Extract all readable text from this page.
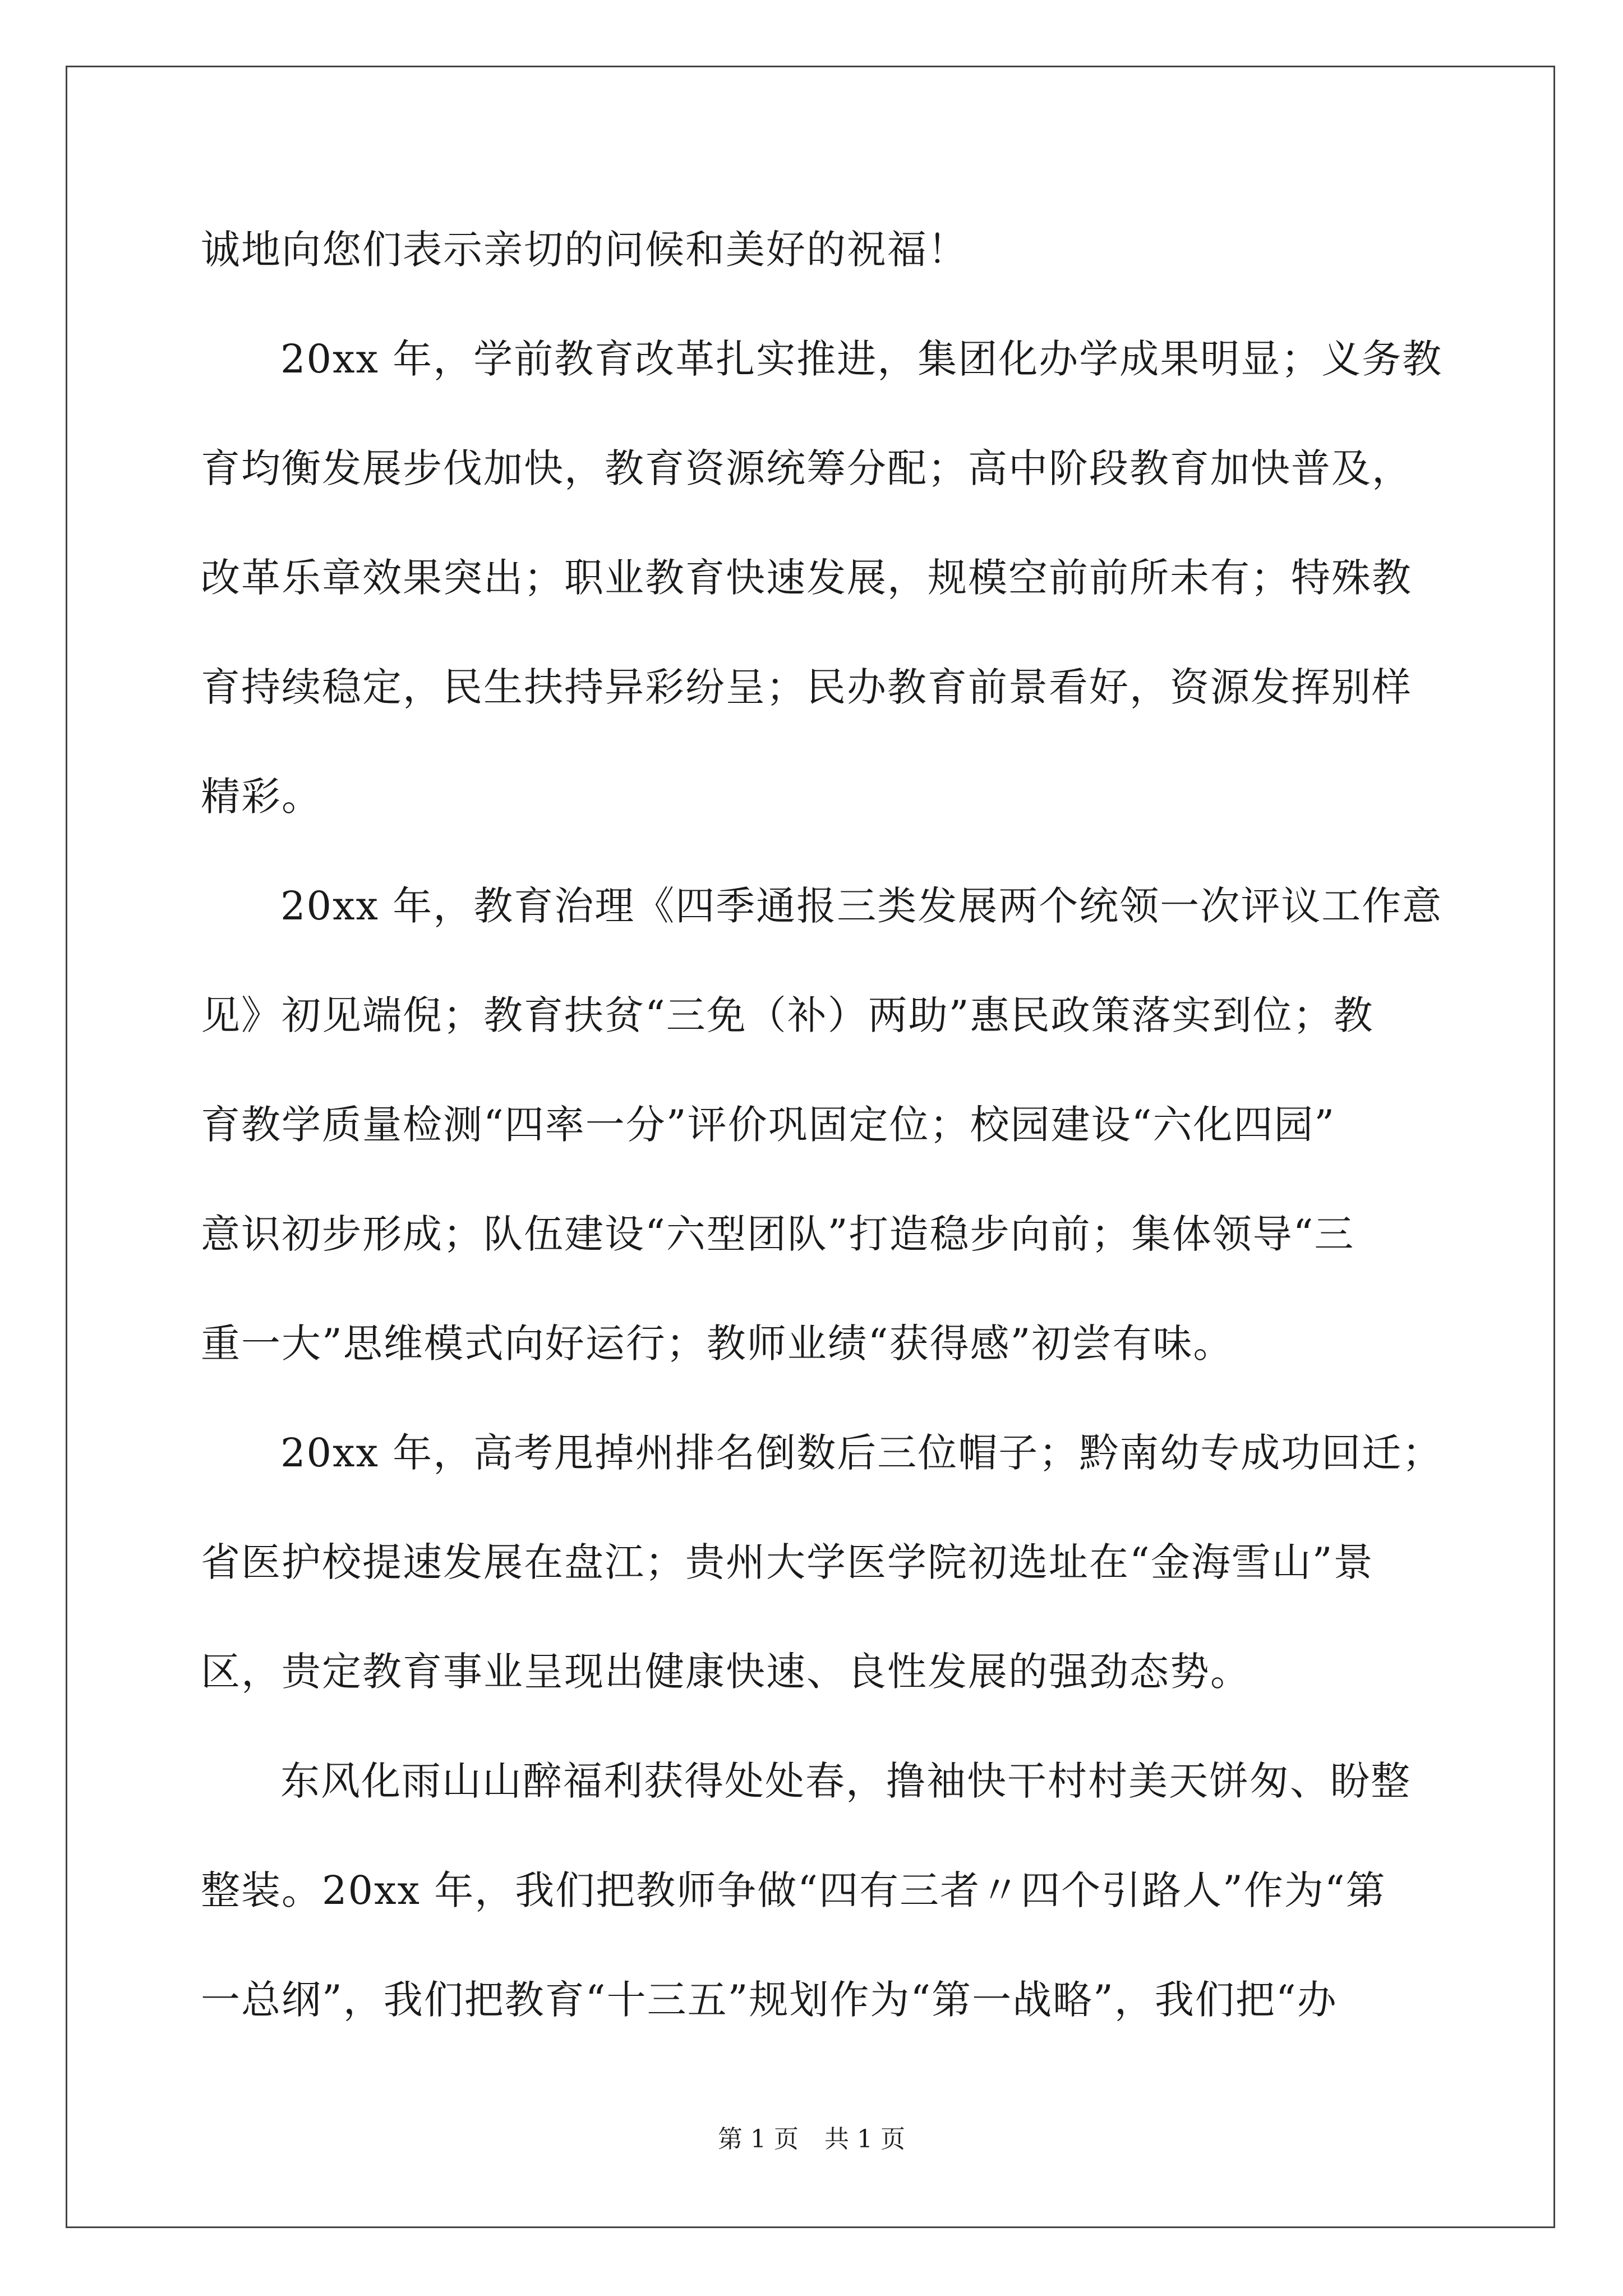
诚地向您们表示亲切的问候和美好的祝福！
20xx 年，学前教育改革扎实推进，集团化办学成果明显；义务教
育均衡发展步伐加快，教育资源统筹分配；高中阶段教育加快普及，
改革乐章效果突出；职业教育快速发展，规模空前前所未有；特殊教
育持续稳定，民生扶持异彩纷呈；民办教育前景看好，资源发挥别样
精彩。
20xx 年，教育治理《四季通报三类发展两个统领一次评议工作意
见》初见端倪；教育扶贫“三免（补）两助”惠民政策落实到位；教
育教学质量检测“四率一分”评价巩固定位；校园建设“六化四园”
意识初步形成；队伍建设“六型团队”打造稳步向前；集体领导“三
重一大”思维模式向好运行；教师业绩“获得感”初尝有味。
20xx 年，高考甩掉州排名倒数后三位帽子；黔南幼专成功回迁；
省医护校提速发展在盘江；贵州大学医学院初选址在“金海雪山”景
区，贵定教育事业呈现出健康快速、良性发展的强劲态势。
东风化雨山山醉福利获得处处春，撸袖快干村村美天饼匆、盼整
整装。20xx 年，我们把教师争做“四有三者〃四个引路人”作为“第
一总纲”，我们把教育“十三五”规划作为“第一战略”，我们把“办
第 1 页 共 1 页
